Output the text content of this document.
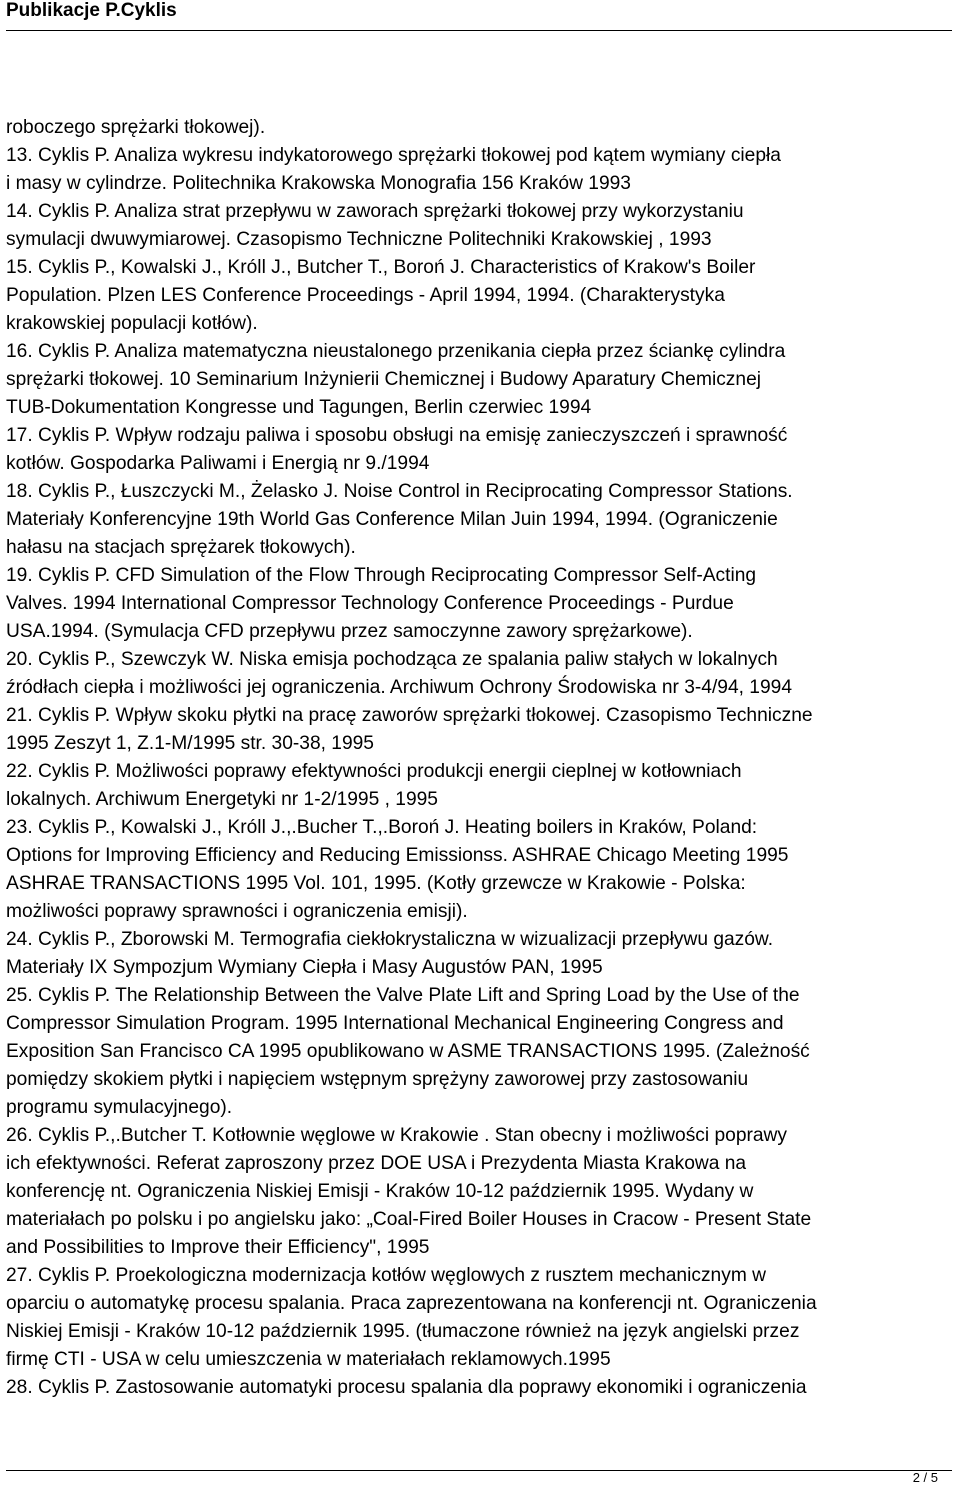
Publikacje P.Cyklis
roboczego sprężarki tłokowej).
13. Cyklis P. Analiza wykresu indykatorowego sprężarki tłokowej pod kątem wymiany ciepła
i masy w cylindrze. Politechnika Krakowska Monografia 156 Kraków 1993
14. Cyklis P. Analiza strat przepływu w zaworach sprężarki tłokowej przy wykorzystaniu
symulacji dwuwymiarowej. Czasopismo Techniczne Politechniki Krakowskiej , 1993
15. Cyklis P., Kowalski J., Króll J., Butcher T., Boroń J. Characteristics of Krakow's Boiler
Population. Plzen LES Conference Proceedings - April 1994, 1994. (Charakterystyka
krakowskiej populacji kotłów).
16. Cyklis P. Analiza matematyczna nieustalonego przenikania ciepła przez ściankę cylindra
sprężarki tłokowej. 10 Seminarium Inżynierii Chemicznej i Budowy Aparatury Chemicznej
TUB-Dokumentation Kongresse und Tagungen, Berlin czerwiec 1994
17. Cyklis P. Wpływ rodzaju paliwa i sposobu obsługi na emisję zanieczyszczeń i sprawność
kotłów. Gospodarka Paliwami i Energią nr 9./1994
18. Cyklis P., Łuszczycki M., Żelasko J. Noise Control in Reciprocating Compressor Stations.
Materiały Konferencyjne 19th World Gas Conference Milan Juin 1994, 1994. (Ograniczenie
hałasu na stacjach sprężarek tłokowych).
19. Cyklis P. CFD Simulation of the Flow Through Reciprocating Compressor Self-Acting
Valves. 1994 International Compressor Technology Conference Proceedings - Purdue
USA.1994. (Symulacja CFD przepływu przez samoczynne zawory sprężarkowe).
20. Cyklis P., Szewczyk W. Niska emisja pochodząca ze spalania paliw stałych w lokalnych
źródłach ciepła i możliwości jej ograniczenia. Archiwum Ochrony Środowiska nr 3-4/94, 1994
21. Cyklis P. Wpływ skoku płytki na pracę zaworów sprężarki tłokowej. Czasopismo Techniczne
1995 Zeszyt 1, Z.1-M/1995 str. 30-38, 1995
22. Cyklis P. Możliwości poprawy efektywności produkcji energii cieplnej w kotłowniach
lokalnych. Archiwum Energetyki nr 1-2/1995 , 1995
23. Cyklis P., Kowalski J., Króll J.,.Bucher T.,.Boroń J. Heating boilers in Kraków, Poland:
Options for Improving Efficiency and Reducing Emissionss. ASHRAE Chicago Meeting 1995
ASHRAE TRANSACTIONS 1995 Vol. 101, 1995. (Kotły grzewcze w Krakowie - Polska:
możliwości poprawy sprawności i ograniczenia emisji).
24. Cyklis P., Zborowski M. Termografia ciekłokrystaliczna w wizualizacji przepływu gazów.
Materiały IX Sympozjum Wymiany Ciepła i Masy Augustów PAN, 1995
25. Cyklis P. The Relationship Between the Valve Plate Lift and Spring Load by the Use of the
Compressor Simulation Program. 1995 International Mechanical Engineering Congress and
Exposition San Francisco CA 1995 opublikowano w ASME TRANSACTIONS 1995. (Zależność
pomiędzy skokiem płytki i napięciem wstępnym sprężyny zaworowej przy zastosowaniu
programu symulacyjnego).
26. Cyklis P.,.Butcher T. Kotłownie węglowe w Krakowie . Stan obecny i możliwości poprawy
ich efektywności. Referat zaproszony przez DOE USA i Prezydenta Miasta Krakowa na
konferencję nt. Ograniczenia Niskiej Emisji - Kraków 10-12 październik 1995. Wydany w
materiałach po polsku i po angielsku jako: „Coal-Fired Boiler Houses in Cracow - Present State
and Possibilities to Improve their Efficiency", 1995
27. Cyklis P. Proekologiczna modernizacja kotłów węglowych z rusztem mechanicznym w
oparciu o automatykę procesu spalania. Praca zaprezentowana na konferencji nt. Ograniczenia
Niskiej Emisji - Kraków 10-12 październik 1995. (tłumaczone również na język angielski przez
firmę CTI - USA w celu umieszczenia w materiałach reklamowych.1995
28. Cyklis P. Zastosowanie automatyki procesu spalania dla poprawy ekonomiki i ograniczenia
2 / 5
